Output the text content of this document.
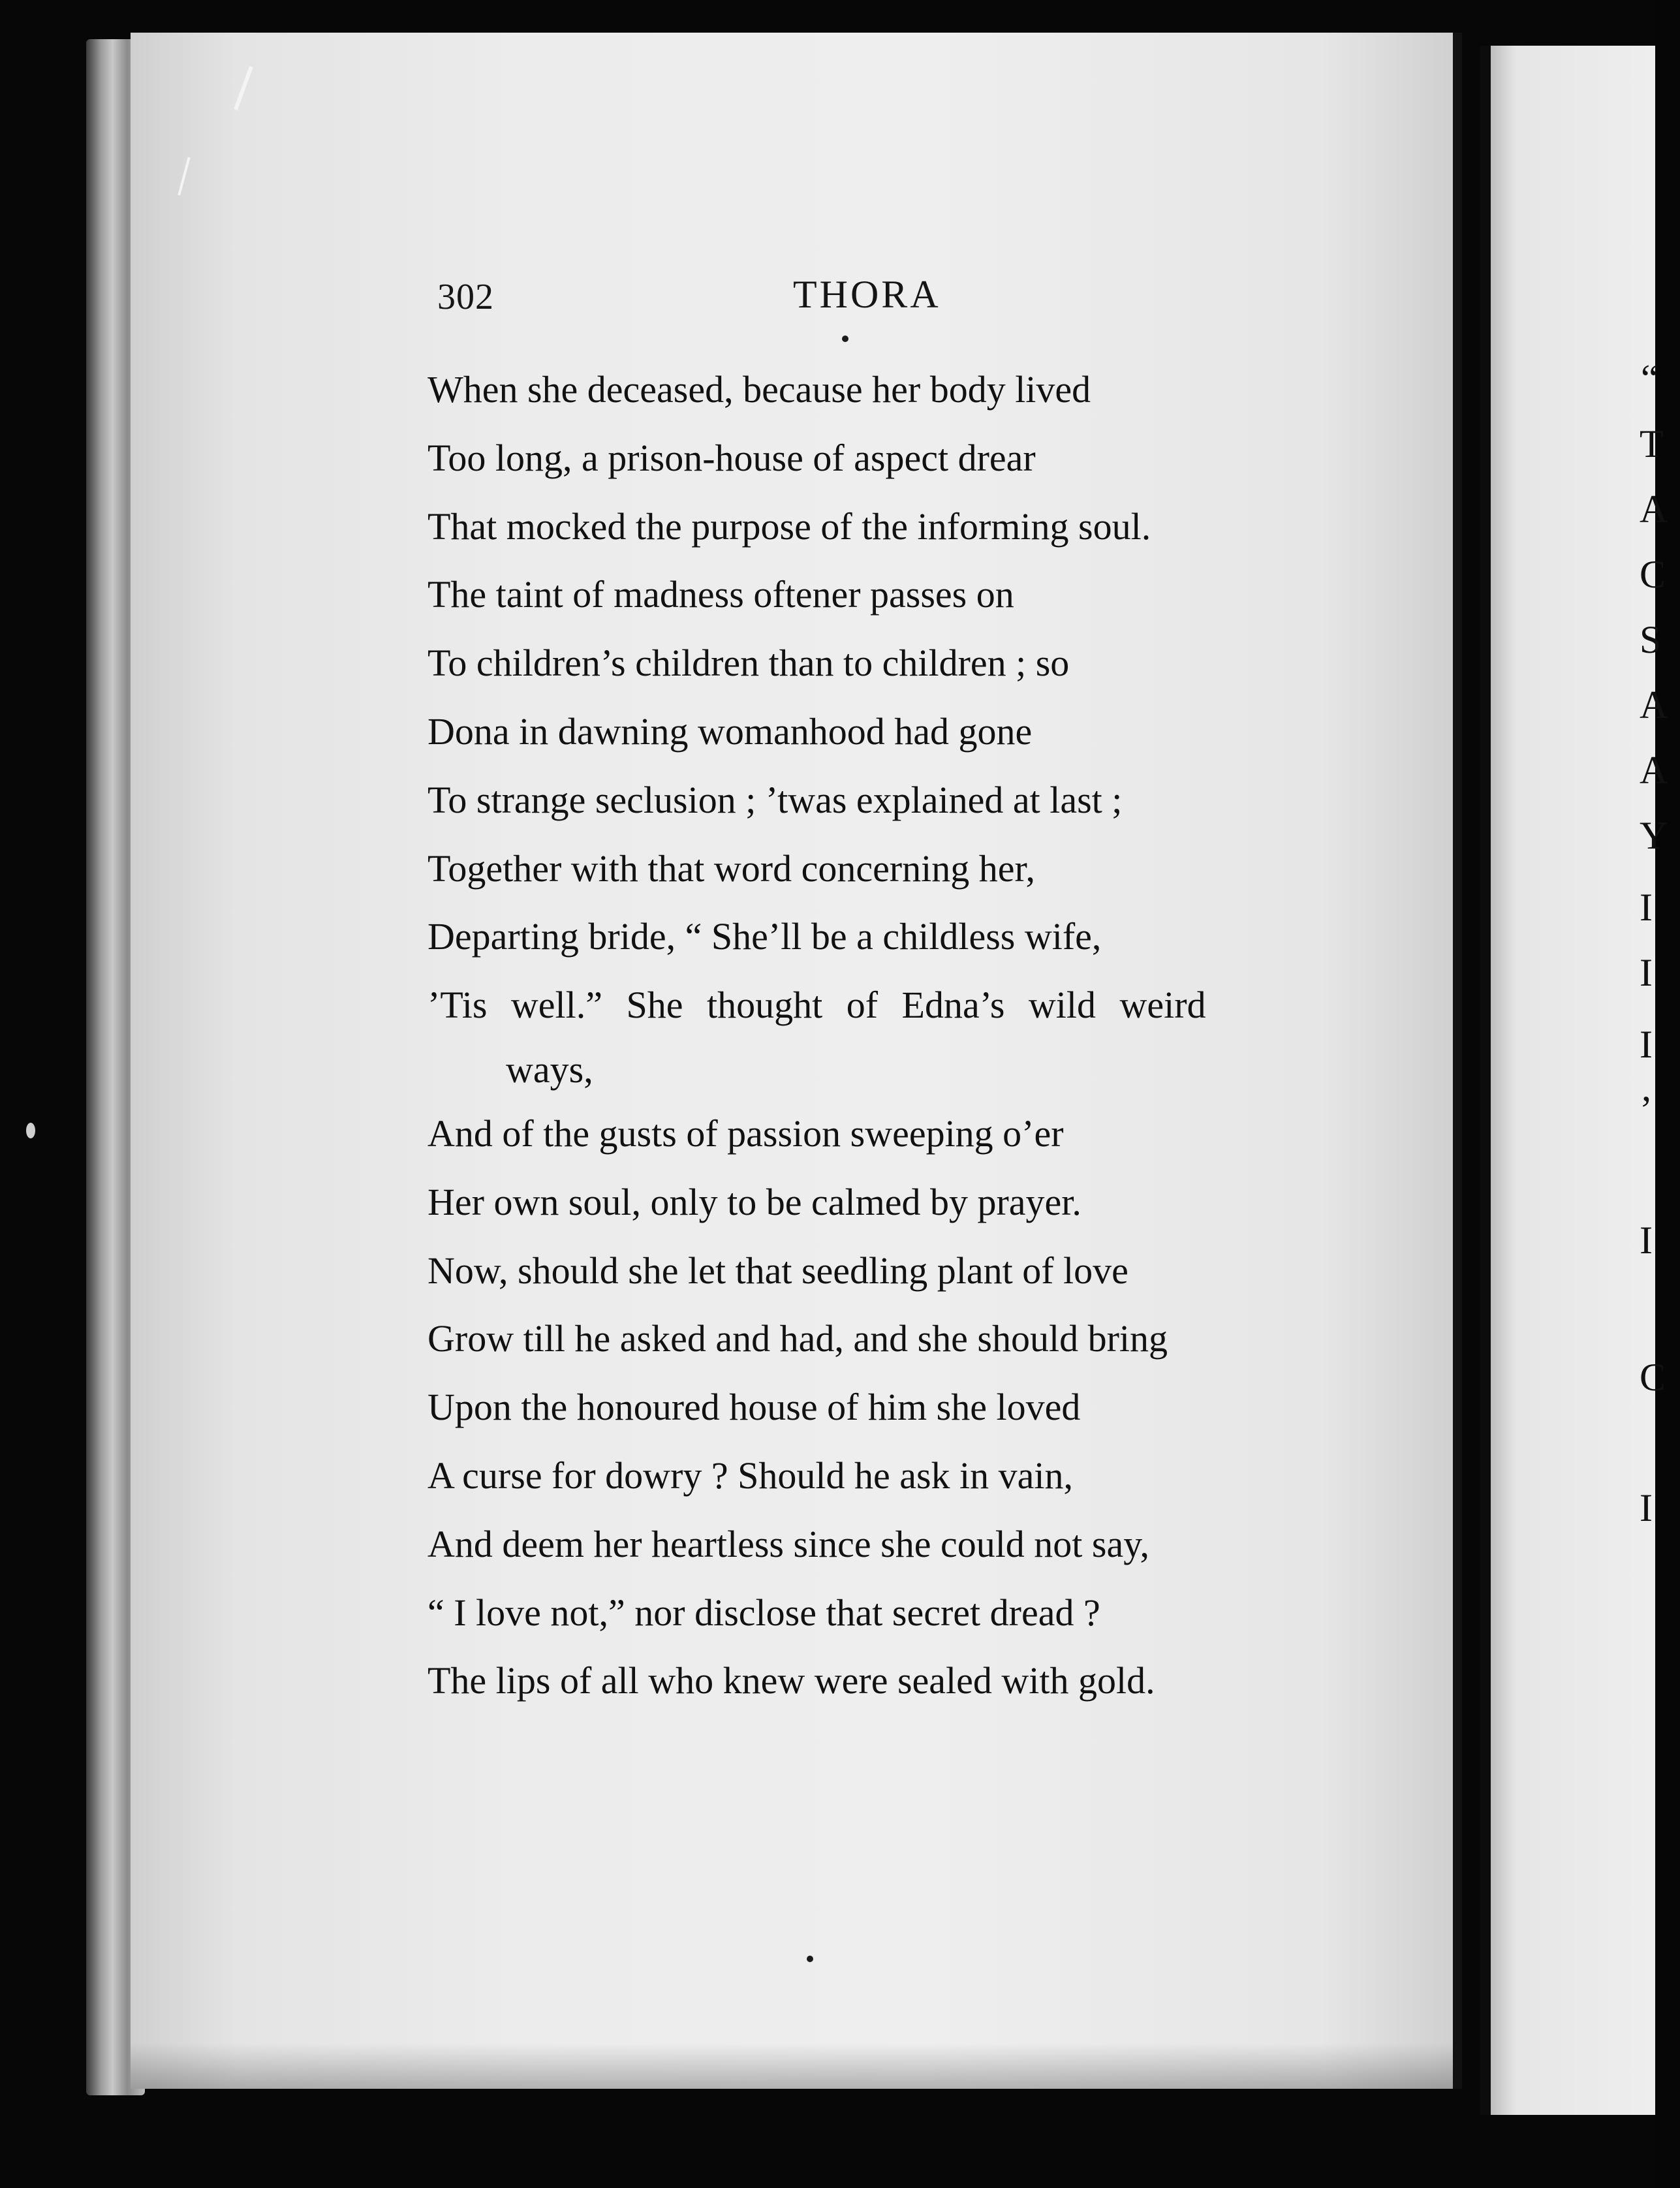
“
T
A
C
S
A
A
Y
I
I
I
’
I
C
I
302	THORA
When she deceased, because her body lived
Too long, a prison-house of aspect drear
That mocked the purpose of the informing soul.
The taint of madness oftener passes on
To children’s children than to children ; so
Dona in dawning womanhood had gone
To strange seclusion ; ’twas explained at last ;
Together with that word concerning her,
Departing bride, “ She’ll be a childless wife,
’Tis well.” She thought of Edna’s wild weird
ways,
And of the gusts of passion sweeping o’er
Her own soul, only to be calmed by prayer.
Now, should she let that seedling plant of love
Grow till he asked and had, and she should bring
Upon the honoured house of him she loved
A curse for dowry ? Should he ask in vain,
And deem her heartless since she could not say,
“ I love not,” nor disclose that secret dread ?
The lips of all who knew were sealed with gold.
